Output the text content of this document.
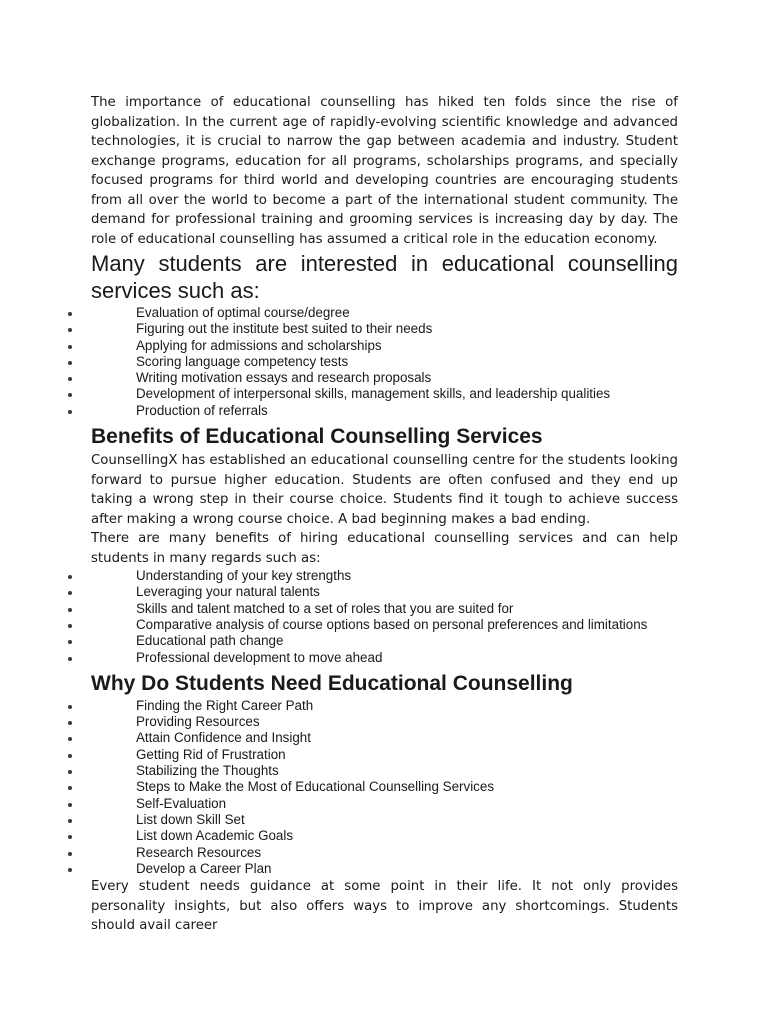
The importance of educational counselling has hiked ten folds since the rise of globalization. In the current age of rapidly-evolving scientific knowledge and advanced technologies, it is crucial to narrow the gap between academia and industry. Student exchange programs, education for all programs, scholarships programs, and specially focused programs for third world and developing countries are encouraging students from all over the world to become a part of the international student community. The demand for professional training and grooming services is increasing day by day. The role of educational counselling has assumed a critical role in the education economy.

Many students are interested in educational counselling services such as:
Evaluation of optimal course/degree
Figuring out the institute best suited to their needs
Applying for admissions and scholarships
Scoring language competency tests
Writing motivation essays and research proposals
Development of interpersonal skills, management skills, and leadership qualities
Production of referrals
Benefits of Educational Counselling Services

CounsellingX has established an educational counselling centre for the students looking forward to pursue higher education. Students are often confused and they end up taking a wrong step in their course choice. Students find it tough to achieve success after making a wrong course choice. A bad beginning makes a bad ending.

There are many benefits of hiring educational counselling services and can help students in many regards such as:

Understanding of your key strengths
Leveraging your natural talents
Skills and talent matched to a set of roles that you are suited for
Comparative analysis of course options based on personal preferences and limitations
Educational path change
Professional development to move ahead
Why Do Students Need Educational Counselling
Finding the Right Career Path
Providing Resources
Attain Confidence and Insight
Getting Rid of Frustration
Stabilizing the Thoughts
Steps to Make the Most of Educational Counselling Services
Self-Evaluation
List down Skill Set
List down Academic Goals
Research Resources
Develop a Career Plan

Every student needs guidance at some point in their life. It not only provides personality insights, but also offers ways to improve any shortcomings. Students should avail career
